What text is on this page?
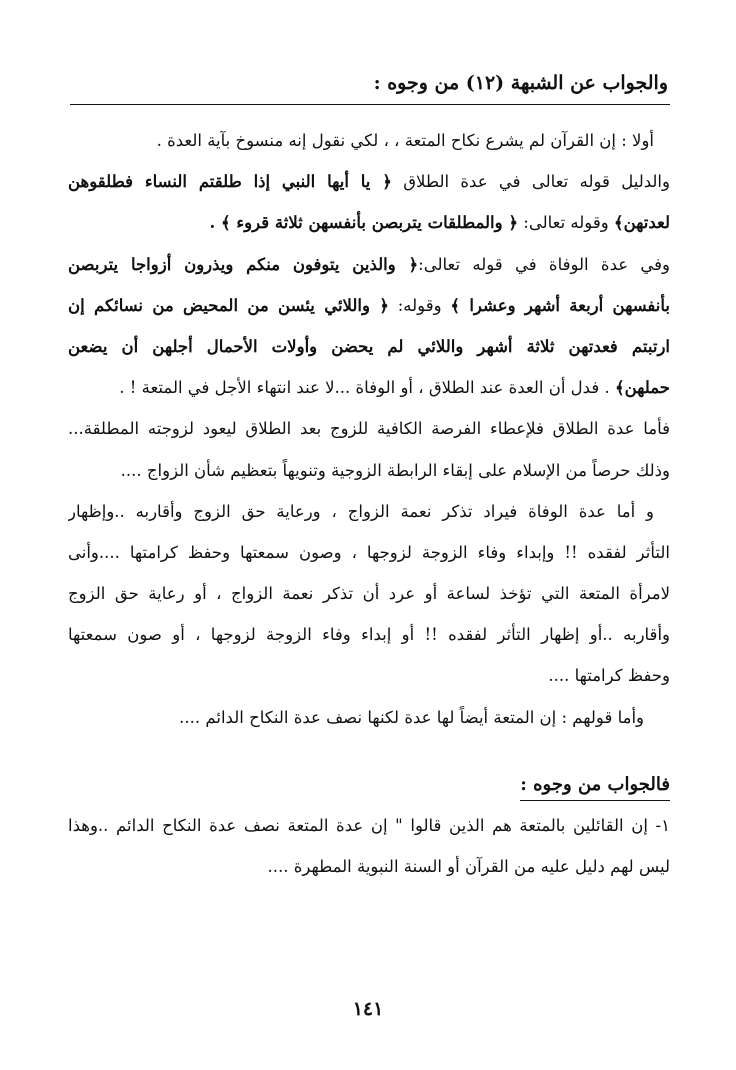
والجواب عن الشبهة (١٢) من وجوه :
أولا : إن القرآن لم يشرع نكاح المتعة ، ، لكي نقول إنه منسوخ بآية العدة .
والدليل قوله تعالى في عدة الطلاق ﴿ يا أيها النبي إذا طلقتم النساء فطلقوهن
لعدتهن﴾ وقوله تعالى: ﴿ والمطلقات يتربصن بأنفسهن ثلاثة قروء ﴾ .
وفي عدة الوفاة في قوله تعالى:﴿ والذين يتوفون منكم ويذرون أزواجا يتربصن
بأنفسهن أربعة أشهر وعشرا ﴾ وقوله: ﴿ واللائي يئسن من المحيض من نسائكم إن
ارتبتم فعدتهن ثلاثة أشهر واللائي لم يحضن وأولات الأحمال أجلهن أن يضعن
حملهن﴾ . فدل أن العدة عند الطلاق ، أو الوفاة ...لا عند انتهاء الأجل في المتعة ! .
فأما عدة الطلاق فلإعطاء الفرصة الكافية للزوج بعد الطلاق ليعود لزوجته المطلقة...
وذلك حرصاً من الإسلام على إبقاء الرابطة الزوجية وتنويهاً بتعظيم شأن الزواج ....
و أما عدة الوفاة فيراد تذكر نعمة الزواج ، ورعاية حق الزوج وأقاربه ..وإظهار
التأثر لفقده !! وإبداء وفاء الزوجة لزوجها ، وصون سمعتها وحفظ كرامتها ....وأنى
لامرأة المتعة التي تؤخذ لساعة أو عرد أن تذكر نعمة الزواج ، أو رعاية حق الزوج
وأقاربه ..أو إظهار التأثر لفقده !! أو إبداء وفاء الزوجة لزوجها ، أو صون سمعتها
وحفظ كرامتها ....
وأما قولهم : إن المتعة أيضاً لها عدة لكنها نصف عدة النكاح الدائم ....
فالجواب من وجوه :
١- إن القائلين بالمتعة هم الذين قالوا " إن عدة المتعة نصف عدة النكاح الدائم ..وهذا
ليس لهم دليل عليه من القرآن أو السنة النبوية المطهرة ....
١٤١
